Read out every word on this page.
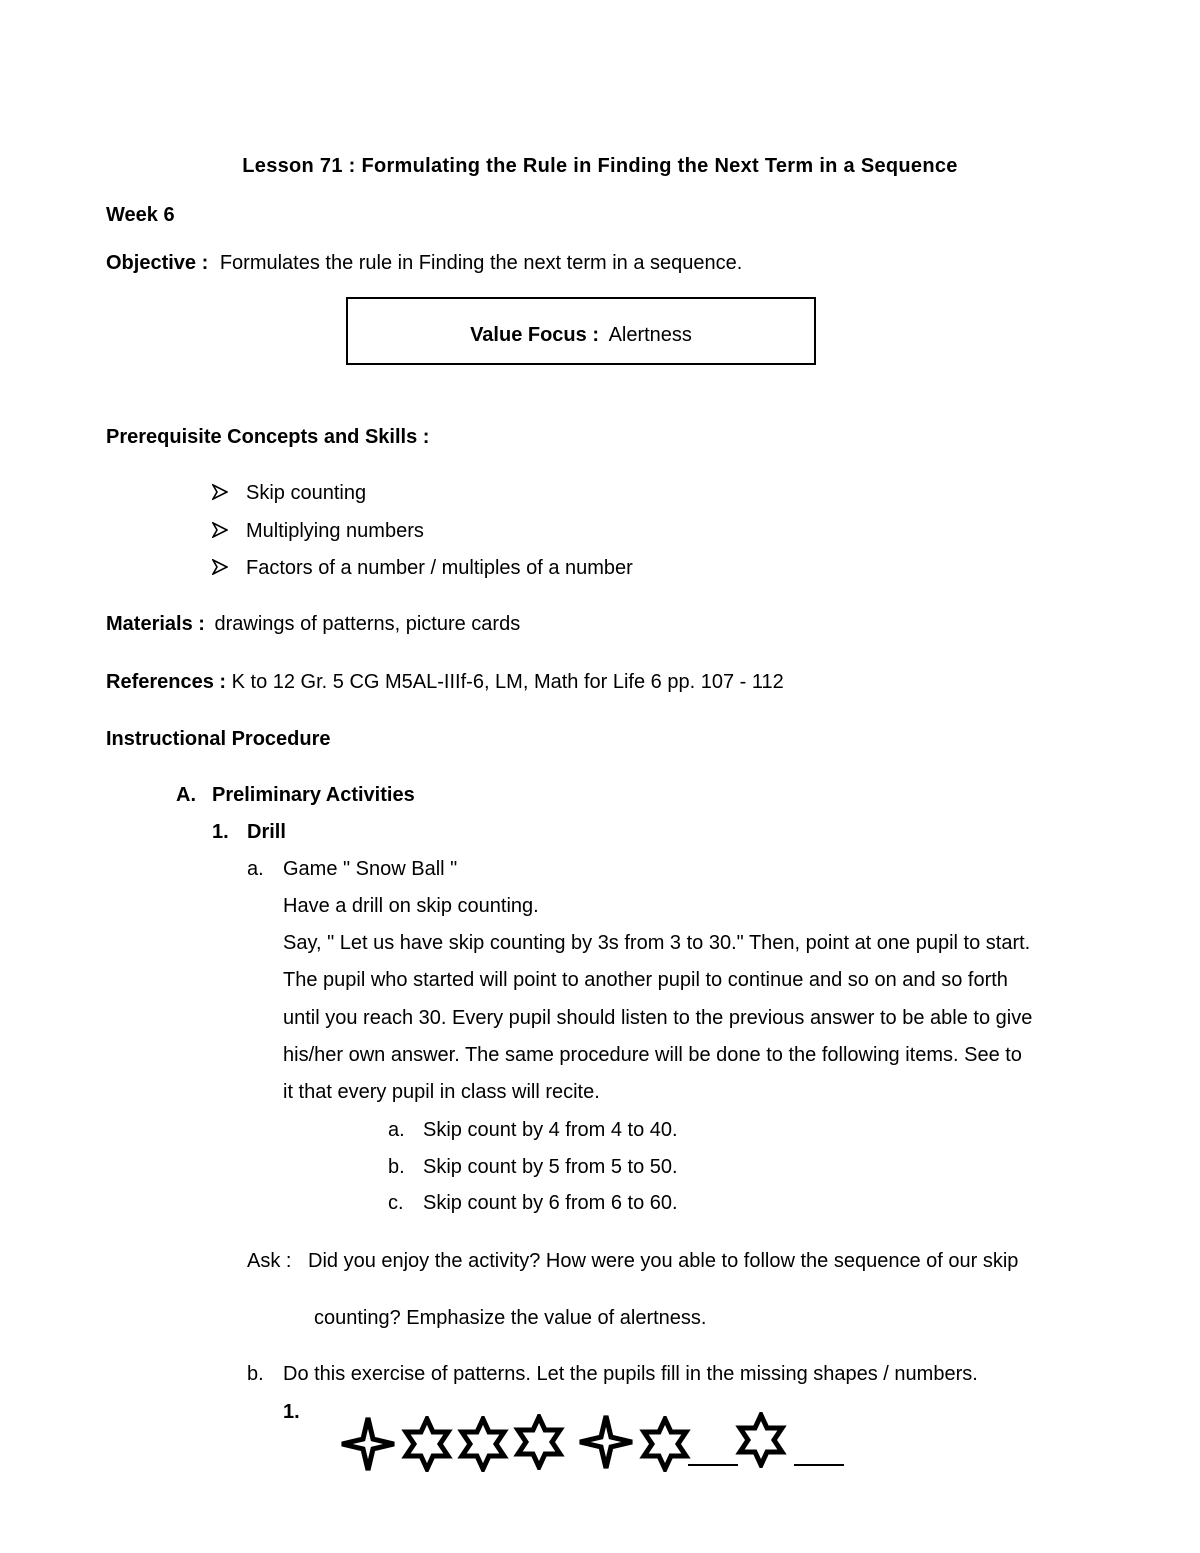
Lesson 71 : Formulating the Rule in Finding the Next Term in a Sequence
Week 6
Objective : Formulates the rule in Finding the next term in a sequence.
Value Focus : Alertness
Prerequisite Concepts and Skills :
Skip counting
Multiplying numbers
Factors of a number / multiples of a number
Materials : drawings of patterns, picture cards
References : K to 12 Gr. 5 CG M5AL-IIIf-6, LM, Math for Life 6 pp. 107 - 112
Instructional Procedure
A. Preliminary Activities
1. Drill
a. Game " Snow Ball "
Have a drill on skip counting.
Say, " Let us have skip counting by 3s from 3 to 30." Then, point at one pupil to start.
The pupil who started will point to another pupil to continue and so on and so forth
until you reach 30. Every pupil should listen to the previous answer to be able to give
his/her own answer. The same procedure will be done to the following items. See to
it that every pupil in class will recite.
a. Skip count by 4 from 4 to 40.
b. Skip count by 5 from 5 to 50.
c. Skip count by 6 from 6 to 60.
Ask : Did you enjoy the activity? How were you able to follow the sequence of our skip
counting? Emphasize the value of alertness.
b. Do this exercise of patterns. Let the pupils fill in the missing shapes / numbers.
1.
